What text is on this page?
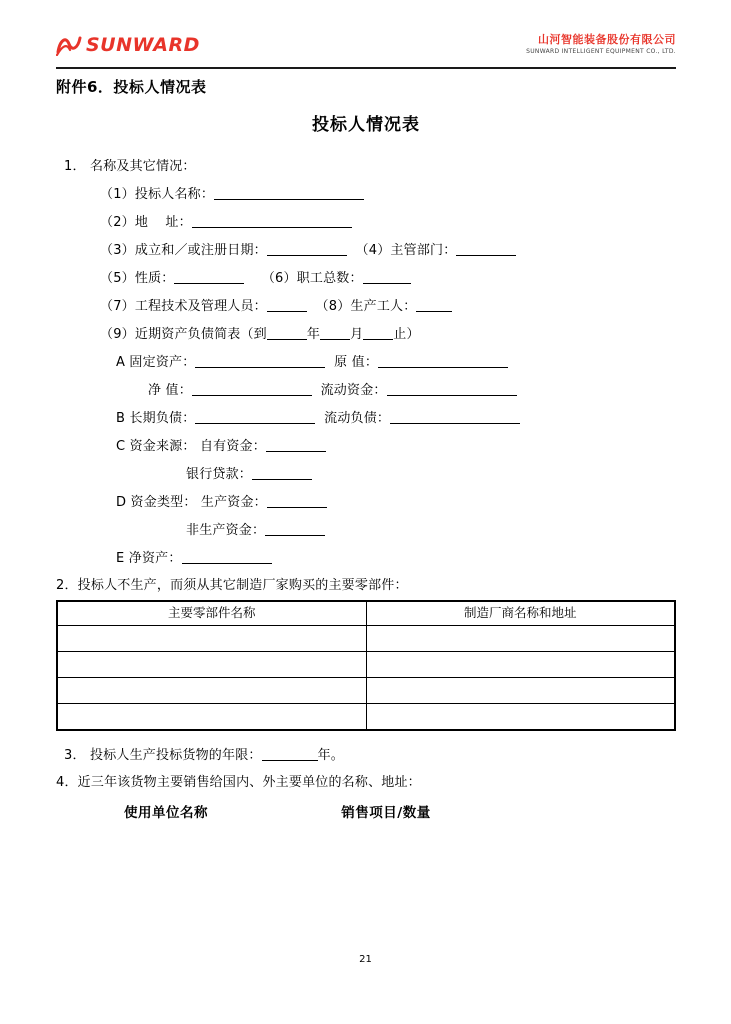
SUNWARD	山河智能装备股份有限公司
SUNWARD INTELLIGENT EQUIPMENT CO., LTD.
附件6．投标人情况表
投标人情况表
1． 名称及其它情况：
（1）投标人名称：
（2）地 址：
（3）成立和／或注册日期：	（4）主管部门：
（5）性质：	（6）职工总数：
（7）工程技术及管理人员：	（8）生产工人：
（9）近期资产负债简表（到	年 月 止）
A 固定资产：	原 值：
净 值：	流动资金：
B 长期负债：	流动负债：
C 资金来源： 自有资金：
银行贷款：
D 资金类型： 生产资金：
非生产资金：
E 净资产：
2．投标人不生产，而须从其它制造厂家购买的主要零部件：
主要零部件名称	制造厂商名称和地址

3． 投标人生产投标货物的年限：	年。
4．近三年该货物主要销售给国内、外主要单位的名称、地址：
使用单位名称	销售项目/数量
21
